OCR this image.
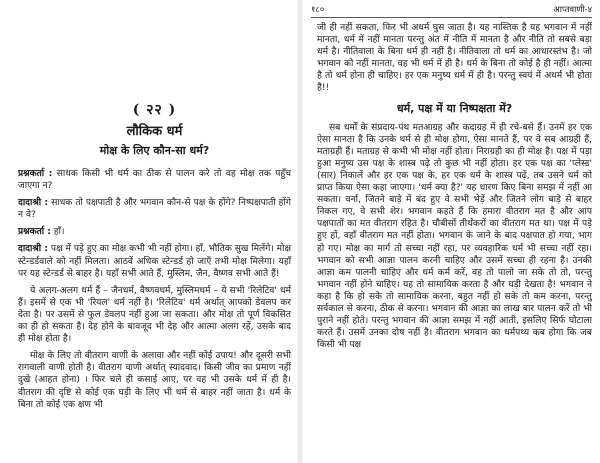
( २२ )
लौकिक धर्म
मोक्ष के लिए कौन-सा धर्म?

प्रश्नकर्ता : साधक किसी भी धर्म का ठीक से पालन करे तो वह मोक्ष तक पहुँच जाएगा न?

दादाश्री : साधक तो पक्षपाती है और भगवान कौन-से पक्ष के होंगे? निष्पक्षपाती होंगे न वे?

प्रश्नकर्ता : हाँ।

दादाश्री : पक्ष में पड़े हुए का मोक्ष कभी भी नहीं होगा। हाँ, भौतिक सुख मिलेंगे। मोक्ष स्टेन्डर्डवाले को नहीं मिलता। आठवें अधिक स्टेन्डर्ड हो जाएँ तभी मोक्ष मिलेगा। यहाँ पर यह स्टेन्डर्ड से बाहर है। यहाँ सभी आते हैं, मुस्लिम, जैन, वैष्णव सभी आते हैं!

ये अलग-अलग धर्म हैं – जैनधर्म, वैष्णवधर्म, मुस्लिमधर्म – ये सभी 'रिलेटिव' धर्म हैं। इसमें से एक भी 'रियल' धर्म नहीं है। 'रिलेटिव' धर्म अर्थात् आपको डेवलप कर देता है। पर उसमें से फुल डेवलप नहीं हुआ जा सकता। और मोक्ष तो पूर्ण विकसित का ही हो सकता है। देह होने के बावजूद भी देह और आत्मा अलग रहें, उसके बाद ही मोक्ष होता है।

मोक्ष के लिए तो वीतराग वाणी के अलावा और नहीं कोई उपाय! और दूसरी सभी रागवाली वाणी होती है। वीतराग वाणी अर्थात् स्यादवाद। किसी जीव का प्रमाण नहीं दुखे (आहत होना) । फिर चले ही कसाई आए, पर वह भी उसके धर्म में ही है। वीतराग की दृष्टि से कोई एक घड़ी के लिए भी धर्म से बाहर नहीं जाता है। धर्म के बिना तो कोई एक क्षण भी

१८०	आप्तवाणी-४

जी ही नहीं सकता, फिर भी अधर्म घुस जाता है। यह नास्तिक है यह भगवान में नहीं मानता, धर्म में नहीं मानता परन्तु अंत में नीति में मानता है और नीति तो सबसे बड़ा धर्म है। नीतिवाला के बिना धर्म ही नहीं है। नीतिवाला तो धर्म का आधारस्तंभ है। जो भगवान को नहीं मानता, वह भी धर्म में ही है। धर्म के बिना तो कोई है ही नहीं। आत्मा है तो धर्म होना ही चाहिए। हर एक मनुष्य धर्म में ही है। परन्तु स्वयं में अधर्म भी होता है!!

धर्म, पक्ष में या निष्पक्षता में?

सब धर्मों के संप्रदाय-पंथ मतआग्रह और कदाग्रह में ही रचे-बसे हैं। उनमें हर एक ऐसा मानता है कि उनके धर्म से ही मोक्ष होगा, ऐसा मानते हैं, पर वे सब आग्रही हैं, मताग्रही हैं। मताग्रह से कभी भी मोक्ष नहीं होता। निराग्रही का ही मोक्ष है। पक्ष में पड़ा हुआ मनुष्य उस पक्ष के शास्त्र पढ़े तो कुछ भी नहीं होता। हर एक पक्ष का 'प्लेस्ड' (सार) निकालें और हर एक पक्ष के, हर एक धर्म के शास्त्र पढ़ें, तब उसने धर्म को प्राप्त किया ऐसा कहा जाएगा। 'धर्म क्या है?' यह धारण किए बिना समझ में नहीं आ सकता। वर्ना, जितने बाड़े में बंद हुए वे सभी भेड़ें और जितने लोग बाड़े से बाहर निकल गए, वे सभी शेर। भगवान कहते हैं कि हमारा वीतराग मत है और आप पक्षपातों का मत वीतराग रहित है। चौबीसों तीर्थंकरों का वीतराग मत था। पक्ष में पड़े हुए हों, वहाँ वीतराग मत नहीं होता। भगवान के जाने के बाद पक्षपात हो गया, भाग हो गए। मोक्ष का मार्ग तो सच्चा नहीं रहा, पर व्यवहारिक धर्म भी सच्चा नहीं रहा। भगवान को सभी आज्ञा पालन करनी चाहिए और उसमें सच्चा ही रहना है। उनकी आज्ञा कम पालनी चाहिए और धर्म कर्म करें, वह तो पालो जा सके तो तो, परन्तु भगवान नहीं होने चाहिए। यह तो सामायिक करता है और घड़ी देखता है! भगवान ने कहा है कि हो सके तो सामायिक करना, बहुत नहीं हो सके तो कम करना, परन्तु सर्वकाल से करना, ठीक से करना। भगवान की आज्ञा का लाख बार पालन करें तो भी पुराने नहीं होते। परन्तु भगवान की आज्ञा समझ में नहीं आती, इसलिए सिर्फ घोटाला करते हैं। उसमें उनका दोष नहीं है। वीतराग भगवान का धर्मपथ्य कब होगा कि जब किसी भी पक्ष
